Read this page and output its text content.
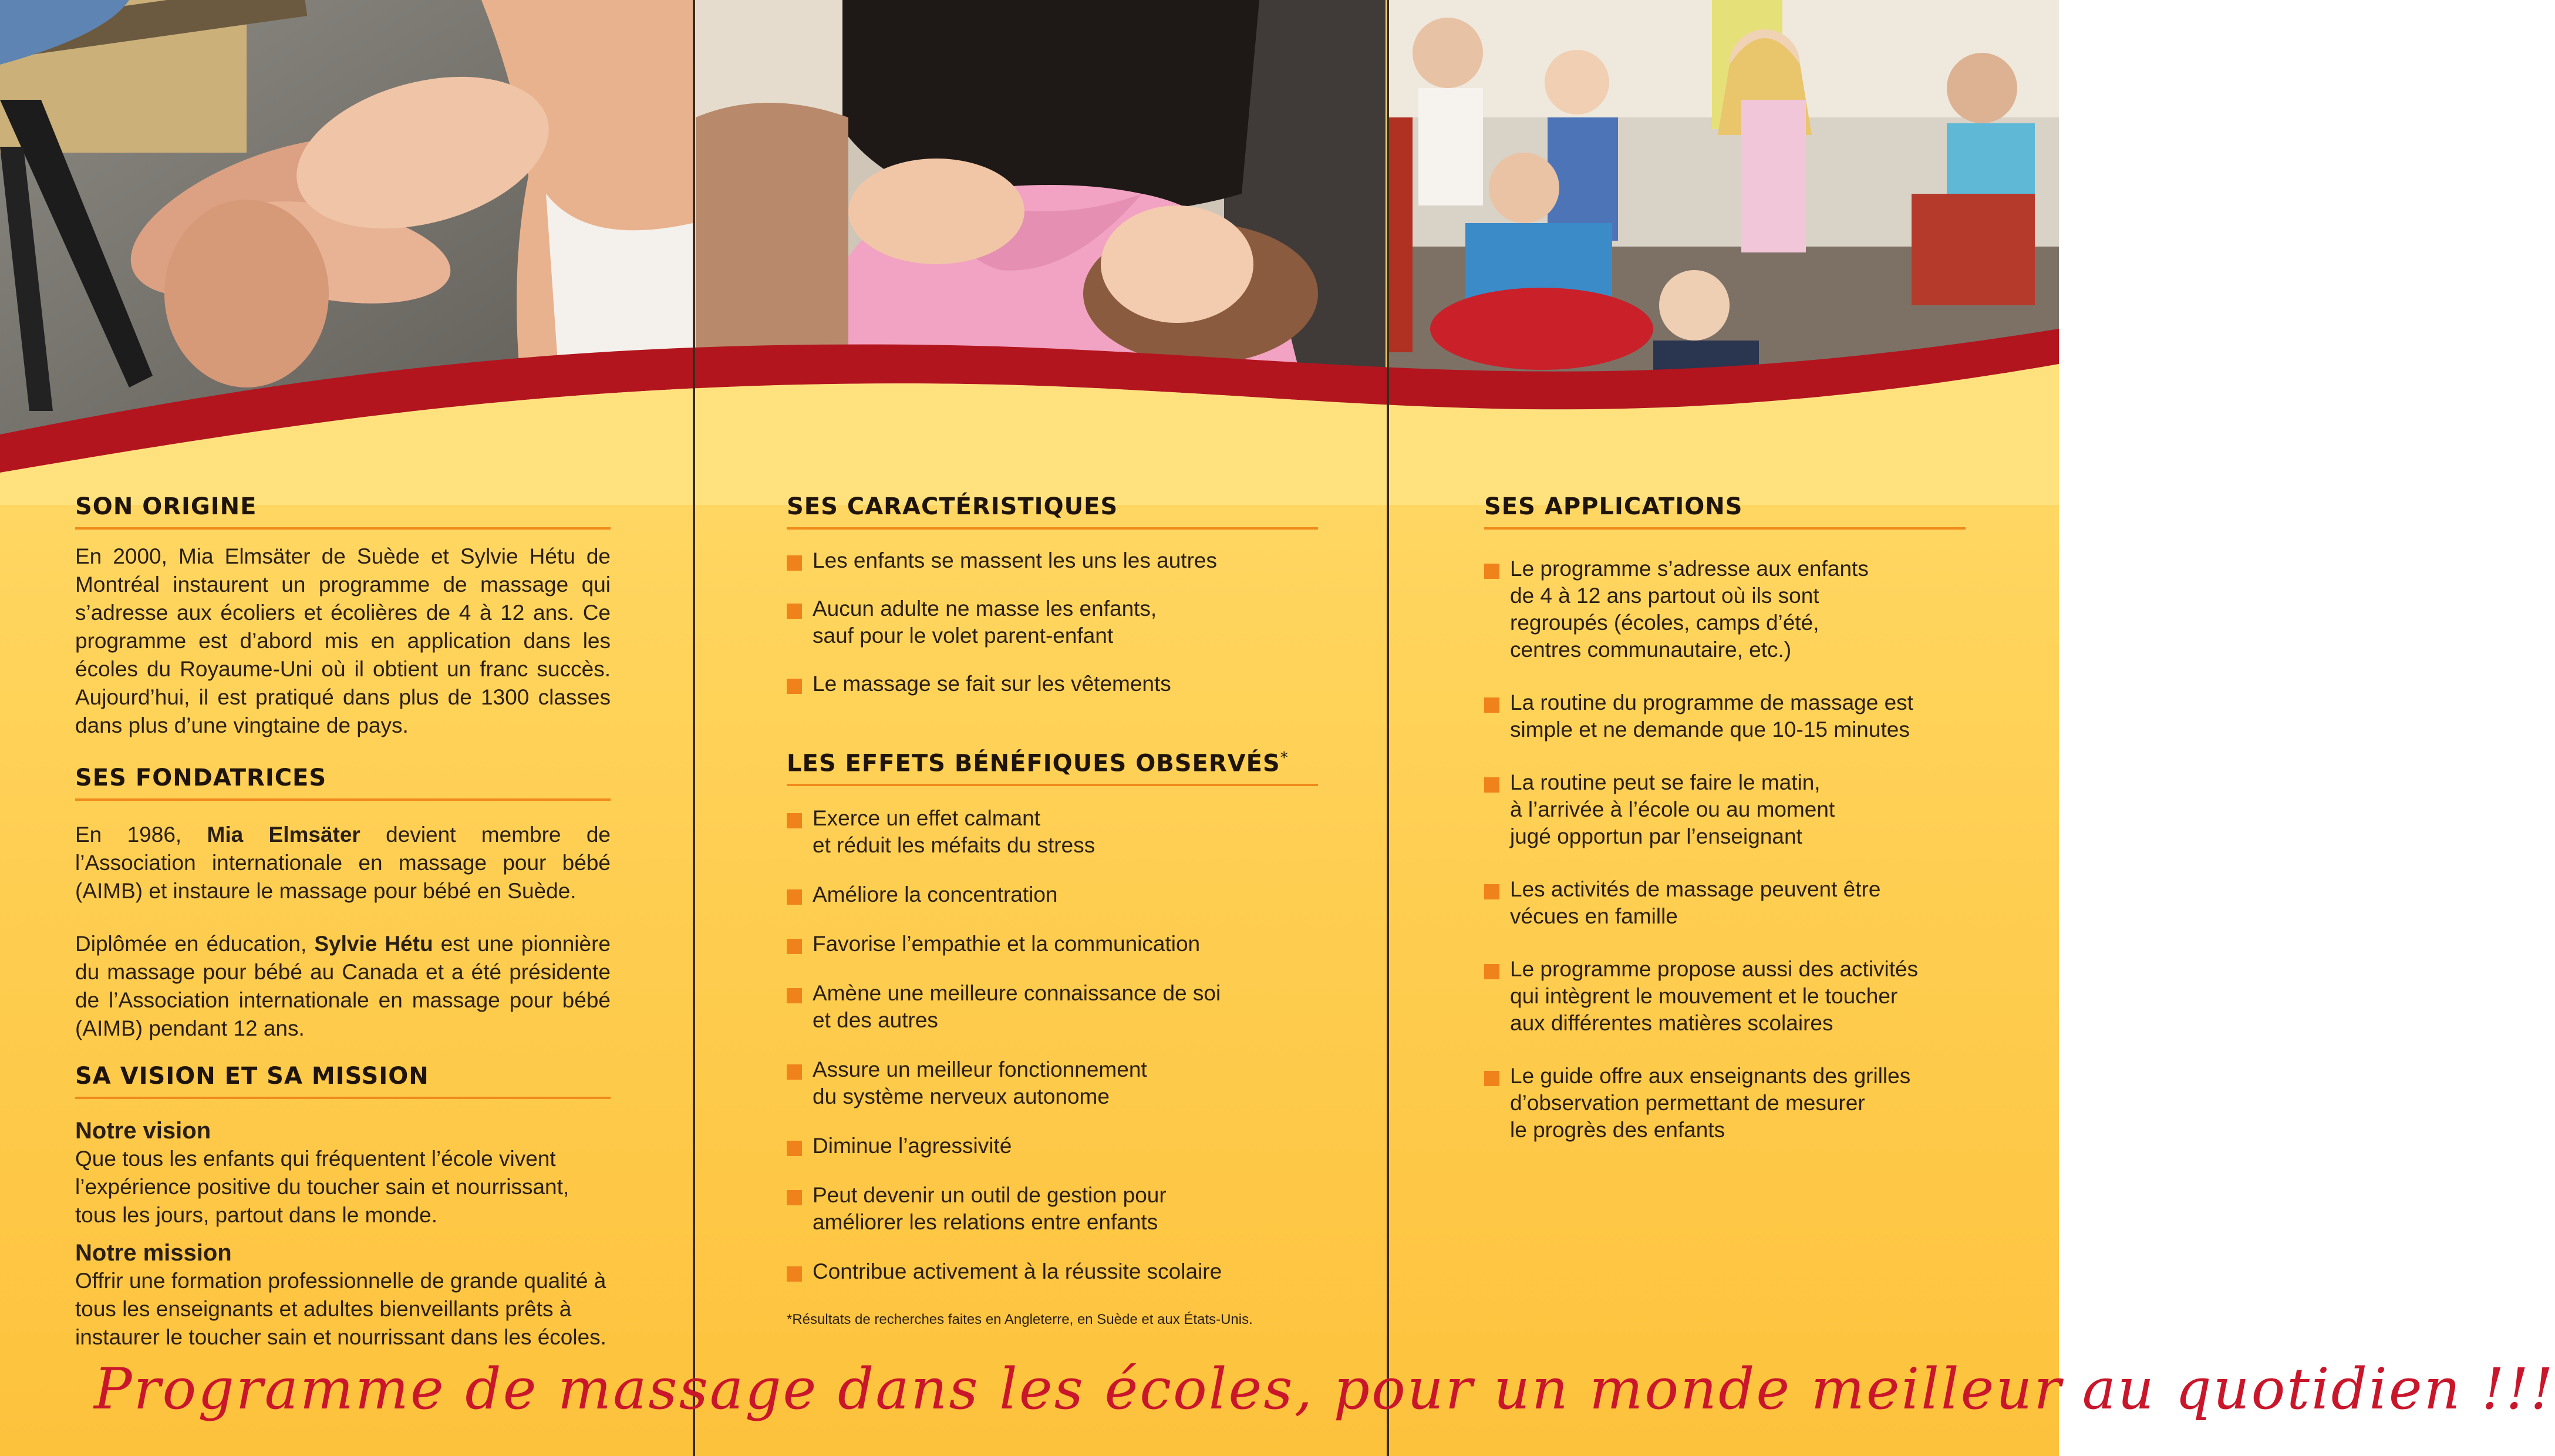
SON ORIGINE

En 2000, Mia Elmsäter de Suède et Sylvie Hétu de Montréal instaurent un programme de massage qui s’adresse aux écoliers et écolières de 4 à 12 ans. Ce programme est d’abord mis en application dans les écoles du Royaume-Uni où il obtient un franc succès. Aujourd’hui, il est pratiqué dans plus de 1300 classes dans plus d’une vingtaine de pays.

SES FONDATRICES

En 1986, Mia Elmsäter devient membre de l’Association internationale en massage pour bébé (AIMB) et instaure le massage pour bébé en Suède.

Diplômée en éducation, Sylvie Hétu est une pionnière du massage pour bébé au Canada et a été présidente de l’Association internationale en massage pour bébé (AIMB) pendant 12 ans.

SA VISION ET SA MISSION

Notre vision

Que tous les enfants qui fréquentent l’école vivent l’expérience positive du toucher sain et nourrissant, tous les jours, partout dans le monde.

Notre mission

Offrir une formation professionnelle de grande qualité à tous les enseignants et adultes bienveillants prêts à instaurer le toucher sain et nourrissant dans les écoles.

SES CARACTÉRISTIQUES
Les enfants se massent les uns les autres
Aucun adulte ne masse les enfants,
sauf pour le volet parent-enfant
Le massage se fait sur les vêtements
LES EFFETS BÉNÉFIQUES OBSERVÉS*
Exerce un effet calmant
et réduit les méfaits du stress
Améliore la concentration
Favorise l’empathie et la communication
Amène une meilleure connaissance de soi
et des autres
Assure un meilleur fonctionnement
du système nerveux autonome
Diminue l’agressivité
Peut devenir un outil de gestion pour
améliorer les relations entre enfants
Contribue activement à la réussite scolaire

*Résultats de recherches faites en Angleterre, en Suède et aux États-Unis.

SES APPLICATIONS
Le programme s’adresse aux enfants
de 4 à 12 ans partout où ils sont
regroupés (écoles, camps d’été,
centres communautaire, etc.)
La routine du programme de massage est
simple et ne demande que 10-15 minutes
La routine peut se faire le matin,
à l’arrivée à l’école ou au moment
jugé opportun par l’enseignant
Les activités de massage peuvent être
vécues en famille
Le programme propose aussi des activités
qui intègrent le mouvement et le toucher
aux différentes matières scolaires
Le guide offre aux enseignants des grilles
d’observation permettant de mesurer
le progrès des enfants
Programme de massage dans les écoles, pour un monde meilleur au quotidien !!!
